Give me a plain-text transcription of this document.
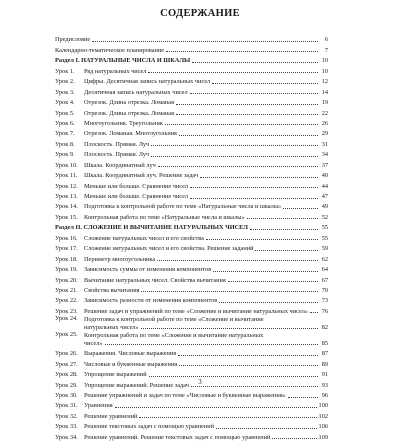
СОДЕРЖАНИЕ
Предисловие	6
Календарно-тематическое планирование	7
Раздел I. НАТУРАЛЬНЫЕ ЧИСЛА И ШКАЛЫ	10
Урок 1.	Ряд натуральных чисел	10
Урок 2.	Цифры. Десятичная запись натуральных чисел	12
Урок 3.	Десятичная запись натуральных чисел	14
Урок 4.	Отрезок. Длина отрезка. Ломаная	19
Урок 5.	Отрезок. Длина отрезка. Ломаная	22
Урок 6.	Многоугольник. Треугольник	26
Урок 7.	Отрезок. Ломаная. Многоугольник	29
Урок 8.	Плоскость. Прямая. Луч	31
Урок 9.	Плоскость. Прямая. Луч	34
Урок 10. Шкала. Координатный луч	37
Урок 11.	Шкала. Координатный луч. Решение задач	40
Урок 12. Меньше или больше. Сравнение чисел	44
Урок 13. Меньше или больше. Сравнение чисел	47
Урок 14. Подготовка к контрольной работе по теме «Натуральные числа и шкалы»	49
Урок 15. Контрольная работа по теме «Натуральные числа и шкалы»	52
Раздел II. СЛОЖЕНИЕ И ВЫЧИТАНИЕ НАТУРАЛЬНЫХ ЧИСЕЛ	55
Урок 16. Сложение натуральных чисел и его свойства	55
Урок 17. Сложение натуральных чисел и его свойства. Решение заданий	59
Урок 18. Периметр многоугольника	62
Урок 19. Зависимость суммы от изменения компонентов	64
Урок 20. Вычитание натуральных чисел. Свойства вычитания	67
Урок 21. Свойства вычитания	70
Урок 22. Зависимость разности от изменения компонентов	73
Урок 23. Решение задач и упражнений по теме «Сложение и вычитание натуральных чисел» 76
Урок 24. Подготовка к контрольной работе по теме «Сложение и вычитание
натуральных чисел»	82
Урок 25. Контрольная работа по теме «Сложение и вычитание натуральных
чисел»	85
Урок 26. Выражения. Числовые выражения	87
Урок 27. Числовые и буквенные выражения	89
Урок 28. Упрощение выражений	91
Урок 29. Упрощение выражений. Решение задач	93
Урок 30. Решение упражнений и задач по теме «Числовые и буквенные выражения»	96
Урок 31. Уравнения	100
Урок 32. Решение уравнений	102
Урок 33. Решение текстовых задач с помощью уравнений	106
Урок 34. Решение уравнений. Решение текстовых задач с помощью уравнений	109
3
